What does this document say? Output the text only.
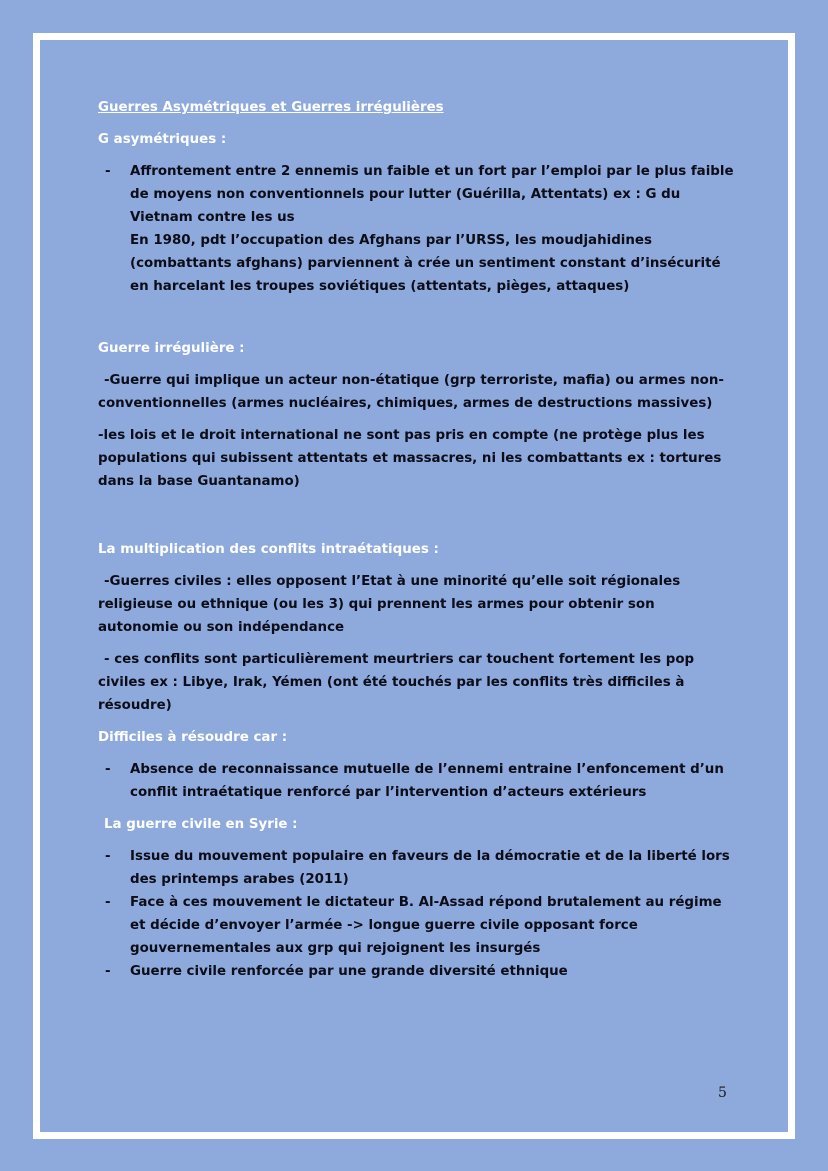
Guerres Asymétriques et Guerres irrégulières
G asymétriques :
- Affrontement entre 2 ennemis un faible et un fort par l’emploi par le plus faible de moyens non conventionnels pour lutter (Guérilla, Attentats) ex : G du Vietnam contre les us
En 1980, pdt l’occupation des Afghans par l’URSS, les moudjahidines (combattants afghans) parviennent à crée un sentiment constant d’insécurité en harcelant les troupes soviétiques (attentats, pièges, attaques)
Guerre irrégulière :

-Guerre qui implique un acteur non-étatique (grp terroriste, mafia) ou armes non-conventionnelles (armes nucléaires, chimiques, armes de destructions massives)

-les lois et le droit international ne sont pas pris en compte (ne protège plus les populations qui subissent attentats et massacres, ni les combattants ex : tortures dans la base Guantanamo)

La multiplication des conflits intraétatiques :

-Guerres civiles : elles opposent l’Etat à une minorité qu’elle soit régionales religieuse ou ethnique (ou les 3) qui prennent les armes pour obtenir son autonomie ou son indépendance

- ces conflits sont particulièrement meurtriers car touchent fortement les pop civiles ex : Libye, Irak, Yémen (ont été touchés par les conflits très difficiles à résoudre)

Difficiles à résoudre car :
- Absence de reconnaissance mutuelle de l’ennemi entraine l’enfoncement d’un conflit intraétatique renforcé par l’intervention d’acteurs extérieurs
La guerre civile en Syrie :
- Issue du mouvement populaire en faveurs de la démocratie et de la liberté lors des printemps arabes (2011)
- Face à ces mouvement le dictateur B. Al-Assad répond brutalement au régime et décide d’envoyer l’armée -> longue guerre civile opposant force gouvernementales aux grp qui rejoignent les insurgés
- Guerre civile renforcée par une grande diversité ethnique
5
